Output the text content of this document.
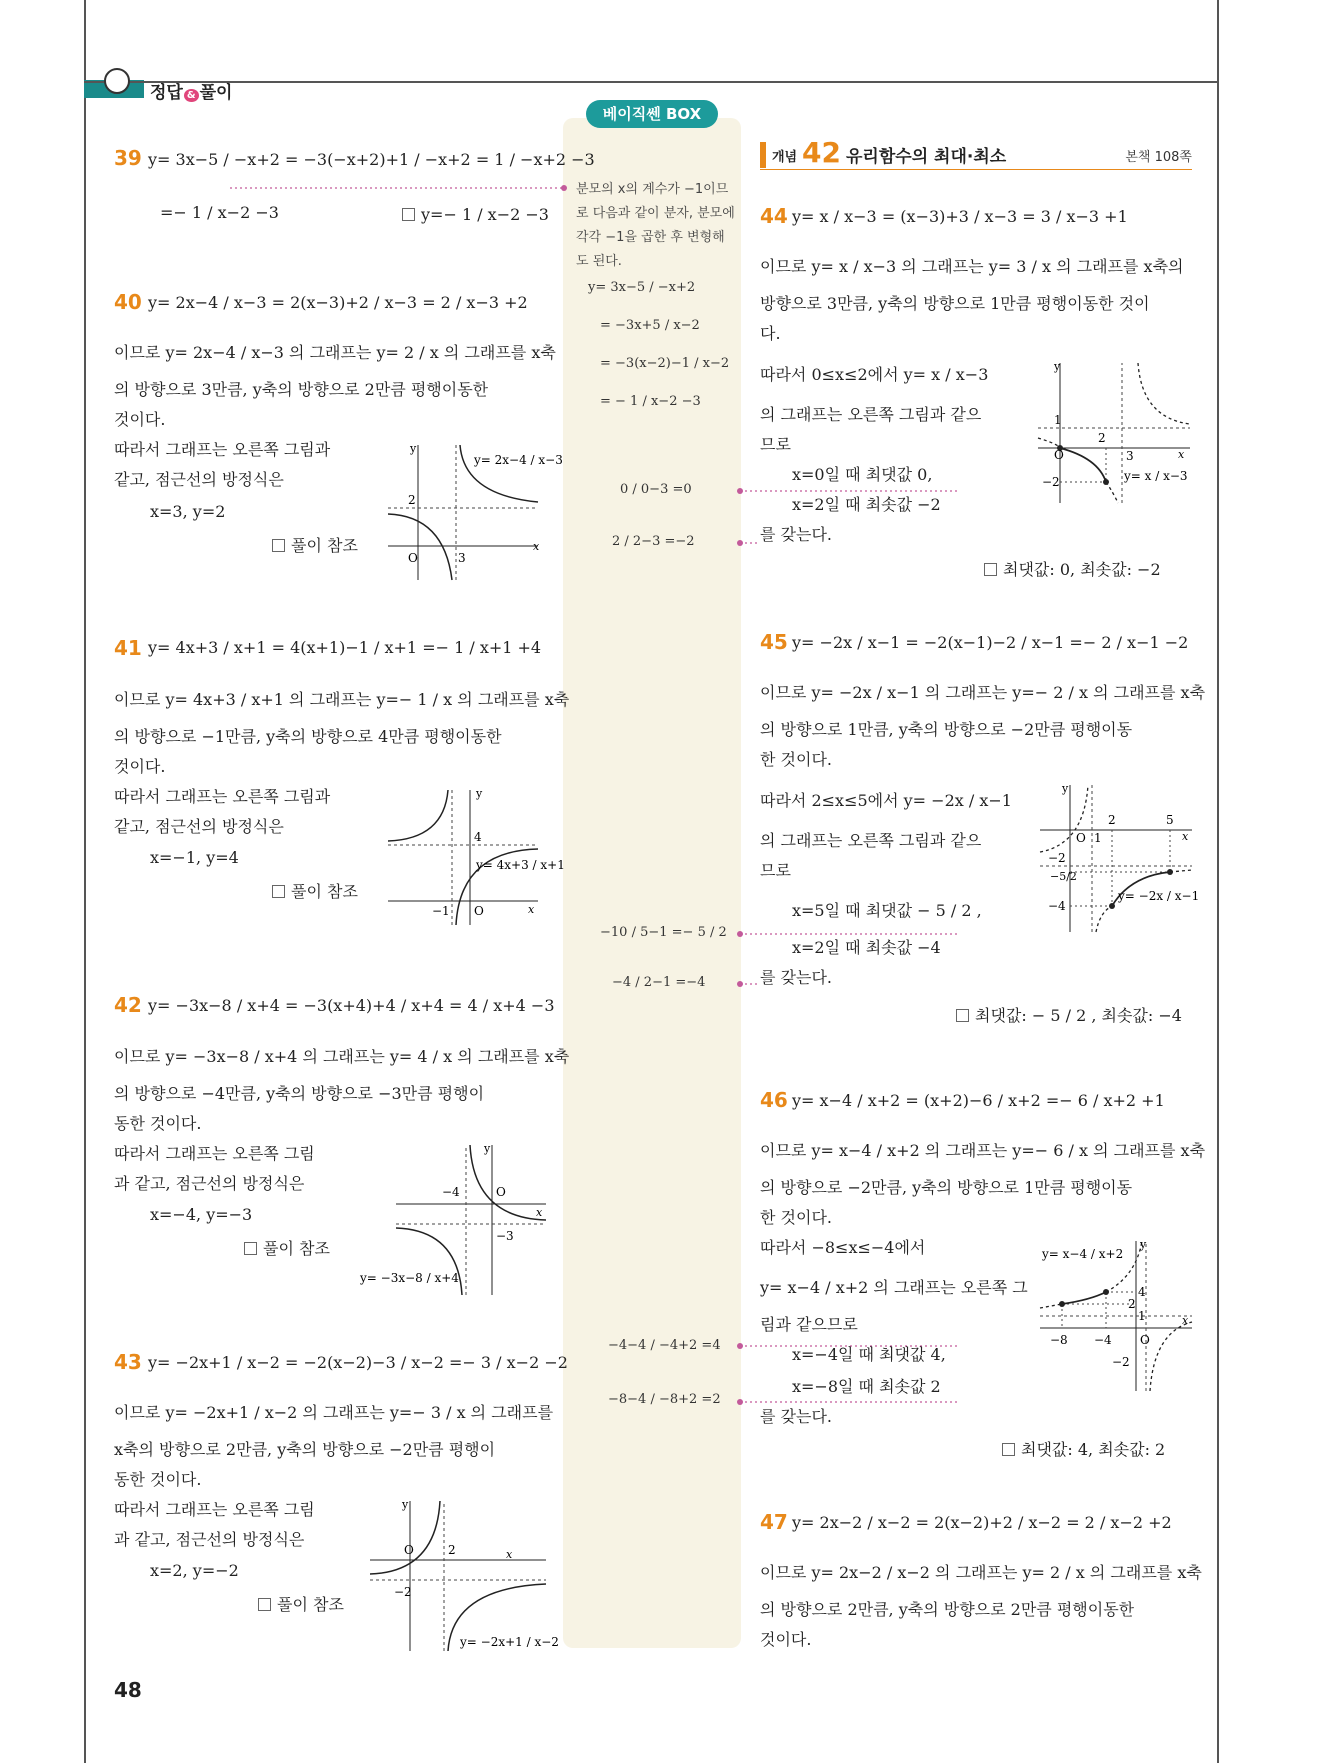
정답 & 풀이
베이직쎈 BOX
분모의 x의 계수가 −1이므로 다음과 같이 분자, 분모에 각각 −1을 곱한 후 변형해도 된다.
y= 3x−5 / −x+2
= −3x+5 / x−2
= −3(x−2)−1 / x−2
= − 1 / x−2 −3
0 / 0−3 =0
2 / 2−3 =−2
−10 / 5−1 =− 5 / 2
−4 / 2−1 =−4
−4−4 / −4+2 =4
−8−4 / −8+2 =2
개념 42 유리함수의 최대·최소	본책 108쪽
39 y= 3x−5 / −x+2 = −3(−x+2)+1 / −x+2 = 1 / −x+2 −3
=− 1 / x−2 −3	y=− 1 / x−2 −3
40 y= 2x−4 / x−3 = 2(x−3)+2 / x−3 = 2 / x−3 +2
이므로 y= 2x−4 / x−3 의 그래프는 y= 2 / x 의 그래프를 x축
의 방향으로 3만큼, y축의 방향으로 2만큼 평행이동한
것이다.
따라서 그래프는 오른쪽 그림과
같고, 점근선의 방정식은
x=3, y=2
풀이 참조
y
x
O
2
3
y= 2x−4 / x−3
41 y= 4x+3 / x+1 = 4(x+1)−1 / x+1 =− 1 / x+1 +4
이므로 y= 4x+3 / x+1 의 그래프는 y=− 1 / x 의 그래프를 x축
의 방향으로 −1만큼, y축의 방향으로 4만큼 평행이동한
것이다.
따라서 그래프는 오른쪽 그림과
같고, 점근선의 방정식은
x=−1, y=4
풀이 참조
y
x
O
4
−1
y= 4x+3 / x+1
42 y= −3x−8 / x+4 = −3(x+4)+4 / x+4 = 4 / x+4 −3
이므로 y= −3x−8 / x+4 의 그래프는 y= 4 / x 의 그래프를 x축
의 방향으로 −4만큼, y축의 방향으로 −3만큼 평행이
동한 것이다.
따라서 그래프는 오른쪽 그림
과 같고, 점근선의 방정식은
x=−4, y=−3
풀이 참조
y
x
O
−4
−3
y= −3x−8 / x+4
43 y= −2x+1 / x−2 = −2(x−2)−3 / x−2 =− 3 / x−2 −2
이므로 y= −2x+1 / x−2 의 그래프는 y=− 3 / x 의 그래프를
x축의 방향으로 2만큼, y축의 방향으로 −2만큼 평행이
동한 것이다.
따라서 그래프는 오른쪽 그림
과 같고, 점근선의 방정식은
x=2, y=−2
풀이 참조
y
x
O	2
−2
y= −2x+1 / x−2
44 y= x / x−3 = (x−3)+3 / x−3 = 3 / x−3 +1
이므로 y= x / x−3 의 그래프는 y= 3 / x 의 그래프를 x축의
방향으로 3만큼, y축의 방향으로 1만큼 평행이동한 것이
다.
따라서 0≤x≤2에서 y= x / x−3
의 그래프는 오른쪽 그림과 같으
므로
x=0일 때 최댓값 0,
x=2일 때 최솟값 −2
를 갖는다.
최댓값: 0, 최솟값: −2
y
x
O
1
2
3
−2	y= x / x−3
45 y= −2x / x−1 = −2(x−1)−2 / x−1 =− 2 / x−1 −2
이므로 y= −2x / x−1 의 그래프는 y=− 2 / x 의 그래프를 x축
의 방향으로 1만큼, y축의 방향으로 −2만큼 평행이동
한 것이다.
따라서 2≤x≤5에서 y= −2x / x−1
의 그래프는 오른쪽 그림과 같으
므로
x=5일 때 최댓값 − 5 / 2 ,
x=2일 때 최솟값 −4
를 갖는다.
최댓값: − 5 / 2 , 최솟값: −4
y
x
O 1
2	5
−2
−5/2
−4
y= −2x / x−1
46 y= x−4 / x+2 = (x+2)−6 / x+2 =− 6 / x+2 +1
이므로 y= x−4 / x+2 의 그래프는 y=− 6 / x 의 그래프를 x축
의 방향으로 −2만큼, y축의 방향으로 1만큼 평행이동
한 것이다.
따라서 −8≤x≤−4에서
y= x−4 / x+2 의 그래프는 오른쪽 그
림과 같으므로
x=−4일 때 최댓값 4,
x=−8일 때 최솟값 2
를 갖는다.
최댓값: 4, 최솟값: 2
y
x
4
2
1
O
−8 −4
−2
y= x−4 / x+2
47 y= 2x−2 / x−2 = 2(x−2)+2 / x−2 = 2 / x−2 +2
이므로 y= 2x−2 / x−2 의 그래프는 y= 2 / x 의 그래프를 x축
의 방향으로 2만큼, y축의 방향으로 2만큼 평행이동한
것이다.
48
